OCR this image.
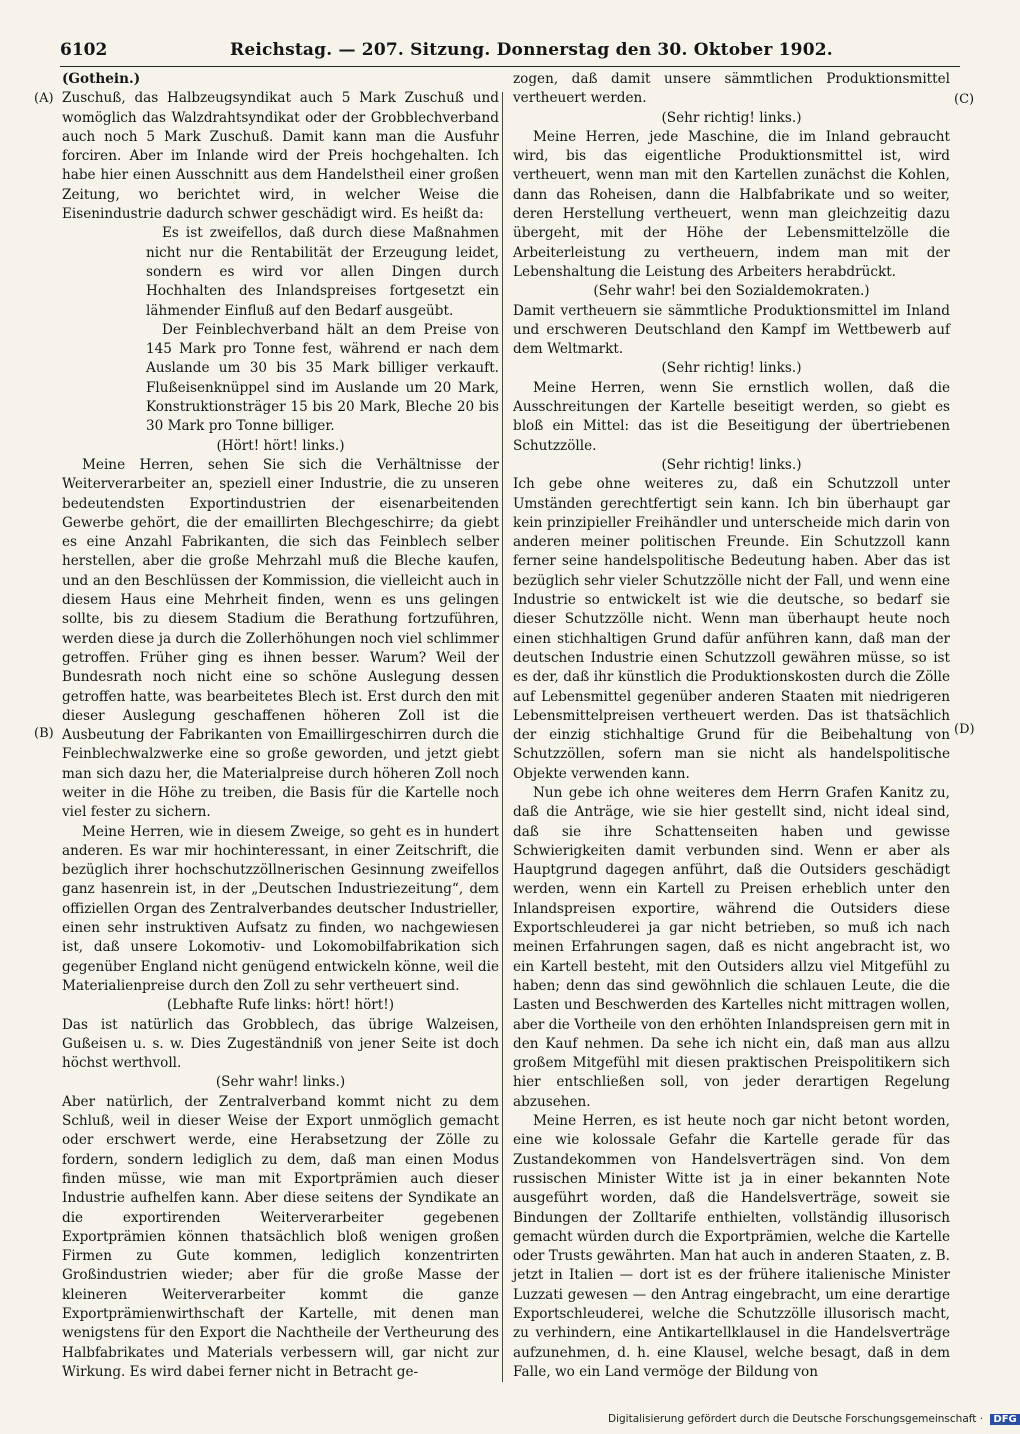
6102	Reichstag. — 207. Sitzung. Donnerstag den 30. Oktober 1902.
(A)
(B)
(C)
(D)

(Gothein.)

Zuschuß, das Halbzeugsyndikat auch 5 Mark Zuschuß und womöglich das Walzdrahtsyndikat oder der Grobblechverband auch noch 5 Mark Zuschuß. Damit kann man die Ausfuhr forciren. Aber im Inlande wird der Preis hochgehalten. Ich habe hier einen Ausschnitt aus dem Handelstheil einer großen Zeitung, wo berichtet wird, in welcher Weise die Eisenindustrie dadurch schwer geschädigt wird. Es heißt da:

Es ist zweifellos, daß durch diese Maßnahmen nicht nur die Rentabilität der Erzeugung leidet, sondern es wird vor allen Dingen durch Hochhalten des Inlandspreises fortgesetzt ein lähmender Einfluß auf den Bedarf ausgeübt.

Der Feinblechverband hält an dem Preise von 145 Mark pro Tonne fest, während er nach dem Auslande um 30 bis 35 Mark billiger verkauft. Flußeisenknüppel sind im Auslande um 20 Mark, Konstruktionsträger 15 bis 20 Mark, Bleche 20 bis 30 Mark pro Tonne billiger.

(Hört! hört! links.)

Meine Herren, sehen Sie sich die Verhältnisse der Weiterverarbeiter an, speziell einer Industrie, die zu unseren bedeutendsten Exportindustrien der eisenarbeitenden Gewerbe gehört, die der emaillirten Blechgeschirre; da giebt es eine Anzahl Fabrikanten, die sich das Feinblech selber herstellen, aber die große Mehrzahl muß die Bleche kaufen, und an den Beschlüssen der Kommission, die vielleicht auch in diesem Haus eine Mehrheit finden, wenn es uns gelingen sollte, bis zu diesem Stadium die Berathung fortzuführen, werden diese ja durch die Zollerhöhungen noch viel schlimmer getroffen. Früher ging es ihnen besser. Warum? Weil der Bundesrath noch nicht eine so schöne Auslegung dessen getroffen hatte, was bearbeitetes Blech ist. Erst durch den mit dieser Auslegung geschaffenen höheren Zoll ist die Ausbeutung der Fabrikanten von Emaillirgeschirren durch die Feinblechwalzwerke eine so große geworden, und jetzt giebt man sich dazu her, die Materialpreise durch höheren Zoll noch weiter in die Höhe zu treiben, die Basis für die Kartelle noch viel fester zu sichern.

Meine Herren, wie in diesem Zweige, so geht es in hundert anderen. Es war mir hochinteressant, in einer Zeitschrift, die bezüglich ihrer hochschutzzöllnerischen Gesinnung zweifellos ganz hasenrein ist, in der „Deutschen Industriezeitung“, dem offiziellen Organ des Zentralverbandes deutscher Industrieller, einen sehr instruktiven Aufsatz zu finden, wo nachgewiesen ist, daß unsere Lokomotiv- und Lokomobilfabrikation sich gegenüber England nicht genügend entwickeln könne, weil die Materialienpreise durch den Zoll zu sehr vertheuert sind.

(Lebhafte Rufe links: hört! hört!)

Das ist natürlich das Grobblech, das übrige Walzeisen, Gußeisen u. s. w. Dies Zugeständniß von jener Seite ist doch höchst werthvoll.

(Sehr wahr! links.)

Aber natürlich, der Zentralverband kommt nicht zu dem Schluß, weil in dieser Weise der Export unmöglich gemacht oder erschwert werde, eine Herabsetzung der Zölle zu fordern, sondern lediglich zu dem, daß man einen Modus finden müsse, wie man mit Exportprämien auch dieser Industrie aufhelfen kann. Aber diese seitens der Syndikate an die exportirenden Weiterverarbeiter gegebenen Exportprämien können thatsächlich bloß wenigen großen Firmen zu Gute kommen, lediglich konzentrirten Großindustrien wieder; aber für die große Masse der kleineren Weiterverarbeiter kommt die ganze Exportprämienwirthschaft der Kartelle, mit denen man wenigstens für den Export die Nachtheile der Vertheurung des Halbfabrikates und Materials verbessern will, gar nicht zur Wirkung. Es wird dabei ferner nicht in Betracht ge-

zogen, daß damit unsere sämmtlichen Produktionsmittel vertheuert werden.

(Sehr richtig! links.)

Meine Herren, jede Maschine, die im Inland gebraucht wird, bis das eigentliche Produktionsmittel ist, wird vertheuert, wenn man mit den Kartellen zunächst die Kohlen, dann das Roheisen, dann die Halbfabrikate und so weiter, deren Herstellung vertheuert, wenn man gleichzeitig dazu übergeht, mit der Höhe der Lebensmittelzölle die Arbeiterleistung zu vertheuern, indem man mit der Lebenshaltung die Leistung des Arbeiters herabdrückt.

(Sehr wahr! bei den Sozialdemokraten.)

Damit vertheuern sie sämmtliche Produktionsmittel im Inland und erschweren Deutschland den Kampf im Wettbewerb auf dem Weltmarkt.

(Sehr richtig! links.)

Meine Herren, wenn Sie ernstlich wollen, daß die Ausschreitungen der Kartelle beseitigt werden, so giebt es bloß ein Mittel: das ist die Beseitigung der übertriebenen Schutzzölle.

(Sehr richtig! links.)

Ich gebe ohne weiteres zu, daß ein Schutzzoll unter Umständen gerechtfertigt sein kann. Ich bin überhaupt gar kein prinzipieller Freihändler und unterscheide mich darin von anderen meiner politischen Freunde. Ein Schutzzoll kann ferner seine handelspolitische Bedeutung haben. Aber das ist bezüglich sehr vieler Schutzzölle nicht der Fall, und wenn eine Industrie so entwickelt ist wie die deutsche, so bedarf sie dieser Schutzzölle nicht. Wenn man überhaupt heute noch einen stichhaltigen Grund dafür anführen kann, daß man der deutschen Industrie einen Schutzzoll gewähren müsse, so ist es der, daß ihr künstlich die Produktionskosten durch die Zölle auf Lebensmittel gegenüber anderen Staaten mit niedrigeren Lebensmittelpreisen vertheuert werden. Das ist thatsächlich der einzig stichhaltige Grund für die Beibehaltung von Schutzzöllen, sofern man sie nicht als handelspolitische Objekte verwenden kann.

Nun gebe ich ohne weiteres dem Herrn Grafen Kanitz zu, daß die Anträge, wie sie hier gestellt sind, nicht ideal sind, daß sie ihre Schattenseiten haben und gewisse Schwierigkeiten damit verbunden sind. Wenn er aber als Hauptgrund dagegen anführt, daß die Outsiders geschädigt werden, wenn ein Kartell zu Preisen erheblich unter den Inlandspreisen exportire, während die Outsiders diese Exportschleuderei ja gar nicht betrieben, so muß ich nach meinen Erfahrungen sagen, daß es nicht angebracht ist, wo ein Kartell besteht, mit den Outsiders allzu viel Mitgefühl zu haben; denn das sind gewöhnlich die schlauen Leute, die die Lasten und Beschwerden des Kartelles nicht mittragen wollen, aber die Vortheile von den erhöhten Inlandspreisen gern mit in den Kauf nehmen. Da sehe ich nicht ein, daß man aus allzu großem Mitgefühl mit diesen praktischen Preispolitikern sich hier entschließen soll, von jeder derartigen Regelung abzusehen.

Meine Herren, es ist heute noch gar nicht betont worden, eine wie kolossale Gefahr die Kartelle gerade für das Zustandekommen von Handelsverträgen sind. Von dem russischen Minister Witte ist ja in einer bekannten Note ausgeführt worden, daß die Handelsverträge, soweit sie Bindungen der Zolltarife enthielten, vollständig illusorisch gemacht würden durch die Exportprämien, welche die Kartelle oder Trusts gewährten. Man hat auch in anderen Staaten, z. B. jetzt in Italien — dort ist es der frühere italienische Minister Luzzati gewesen — den Antrag eingebracht, um eine derartige Exportschleuderei, welche die Schutzzölle illusorisch macht, zu verhindern, eine Antikartellklausel in die Handelsverträge aufzunehmen, d. h. eine Klausel, welche besagt, daß in dem Falle, wo ein Land vermöge der Bildung von

Digitalisierung gefördert durch die Deutsche Forschungsgemeinschaft · DFG
